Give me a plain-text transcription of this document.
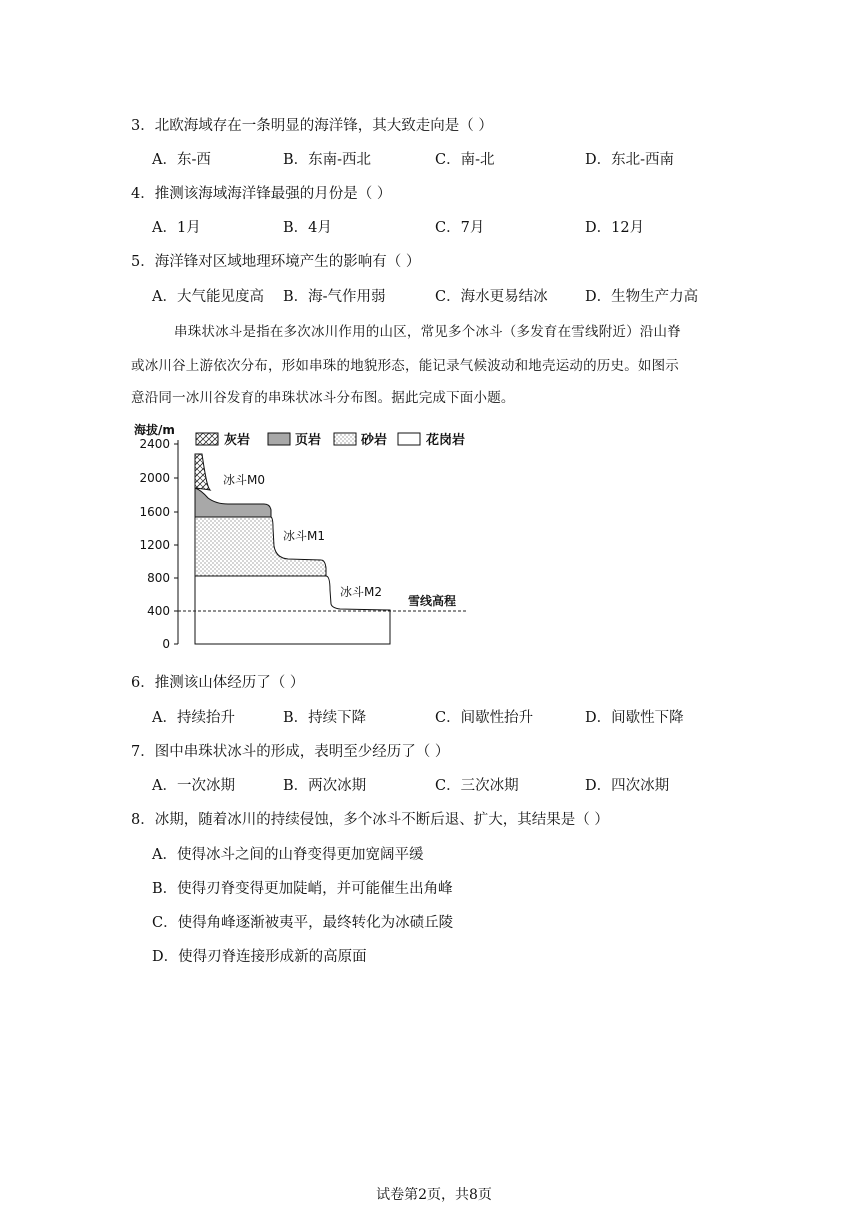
3．北欧海域存在一条明显的海洋锋，其大致走向是（ ）
A．东-西	B．东南-西北	C．南-北	D．东北-西南
4．推测该海域海洋锋最强的月份是（ ）
A．1月	B．4月	C．7月	D．12月
5．海洋锋对区域地理环境产生的影响有（ ）
A．大气能见度高 B．海-气作用弱	C．海水更易结冰	D．生物生产力高
串珠状冰斗是指在多次冰川作用的山区，常见多个冰斗（多发育在雪线附近）沿山脊
或冰川谷上游依次分布，形如串珠的地貌形态，能记录气候波动和地壳运动的历史。如图示
意沿同一冰川谷发育的串珠状冰斗分布图。据此完成下面小题。
海拔/m
灰岩	页岩	砂岩	花岗岩
2400
2000
1600
1200
800
400
0
雪线高程
冰斗M0
冰斗M1
冰斗M2
6．推测该山体经历了（ ）
A．持续抬升	B．持续下降	C．间歇性抬升	D．间歇性下降
7．图中串珠状冰斗的形成，表明至少经历了（ ）
A．一次冰期	B．两次冰期	C．三次冰期	D．四次冰期
8．冰期，随着冰川的持续侵蚀，多个冰斗不断后退、扩大，其结果是（ ）
A．使得冰斗之间的山脊变得更加宽阔平缓
B．使得刃脊变得更加陡峭，并可能催生出角峰
C．使得角峰逐渐被夷平，最终转化为冰碛丘陵
D．使得刃脊连接形成新的高原面
试卷第2页，共8页
